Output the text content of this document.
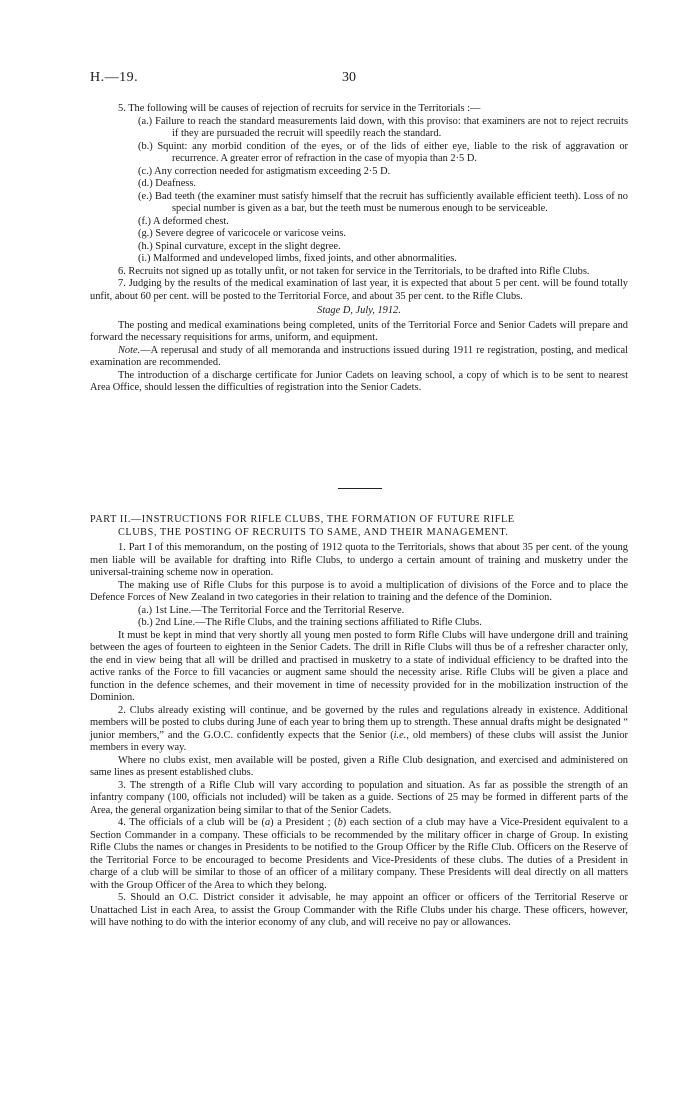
H.—19.	30

5. The following will be causes of rejection of recruits for service in the Territorials :—

(a.) Failure to reach the standard measurements laid down, with this proviso: that examiners are not to reject recruits if they are pursuaded the recruit will speedily reach the standard.

(b.) Squint: any morbid condition of the eyes, or of the lids of either eye, liable to the risk of aggravation or recurrence. A greater error of refraction in the case of myopia than 2·5 D.

(c.) Any correction needed for astigmatism exceeding 2·5 D.

(d.) Deafness.

(e.) Bad teeth (the examiner must satisfy himself that the recruit has sufficiently available efficient teeth). Loss of no special number is given as a bar, but the teeth must be numerous enough to be serviceable.

(f.) A deformed chest.

(g.) Severe degree of varicocele or varicose veins.

(h.) Spinal curvature, except in the slight degree.

(i.) Malformed and undeveloped limbs, fixed joints, and other abnormalities.

6. Recruits not signed up as totally unfit, or not taken for service in the Territorials, to be drafted into Rifle Clubs.

7. Judging by the results of the medical examination of last year, it is expected that about 5 per cent. will be found totally unfit, about 60 per cent. will be posted to the Territorial Force, and about 35 per cent. to the Rifle Clubs.

Stage D, July, 1912.

The posting and medical examinations being completed, units of the Territorial Force and Senior Cadets will prepare and forward the necessary requisitions for arms, uniform, and equipment.

Note.—A reperusal and study of all memoranda and instructions issued during 1911 re registration, posting, and medical examination are recommended.

The introduction of a discharge certificate for Junior Cadets on leaving school, a copy of which is to be sent to nearest Area Office, should lessen the difficulties of registration into the Senior Cadets.

PART II.—INSTRUCTIONS FOR RIFLE CLUBS, THE FORMATION OF FUTURE RIFLE
CLUBS, THE POSTING OF RECRUITS TO SAME, AND THEIR MANAGEMENT.

1. Part I of this memorandum, on the posting of 1912 quota to the Territorials, shows that about 35 per cent. of the young men liable will be available for drafting into Rifle Clubs, to undergo a certain amount of training and musketry under the universal-training scheme now in operation.

The making use of Rifle Clubs for this purpose is to avoid a multiplication of divisions of the Force and to place the Defence Forces of New Zealand in two categories in their relation to training and the defence of the Dominion.

(a.) 1st Line.—The Territorial Force and the Territorial Reserve.

(b.) 2nd Line.—The Rifle Clubs, and the training sections affiliated to Rifle Clubs.

It must be kept in mind that very shortly all young men posted to form Rifle Clubs will have undergone drill and training between the ages of fourteen to eighteen in the Senior Cadets. The drill in Rifle Clubs will thus be of a refresher character only, the end in view being that all will be drilled and practised in musketry to a state of individual efficiency to be drafted into the active ranks of the Force to fill vacancies or augment same should the necessity arise. Rifle Clubs will be given a place and function in the defence schemes, and their movement in time of necessity provided for in the mobilization instruction of the Dominion.

2. Clubs already existing will continue, and be governed by the rules and regulations already in existence. Additional members will be posted to clubs during June of each year to bring them up to strength. These annual drafts might be designated “ junior members,” and the G.O.C. confidently expects that the Senior (i.e., old members) of these clubs will assist the Junior members in every way.

Where no clubs exist, men available will be posted, given a Rifle Club designation, and exercised and administered on same lines as present established clubs.

3. The strength of a Rifle Club will vary according to population and situation. As far as possible the strength of an infantry company (100, officials not included) will be taken as a guide. Sections of 25 may be formed in different parts of the Area, the general organization being similar to that of the Senior Cadets.

4. The officials of a club will be (a) a President ; (b) each section of a club may have a Vice-President equivalent to a Section Commander in a company. These officials to be recommended by the military officer in charge of Group. In existing Rifle Clubs the names or changes in Presidents to be notified to the Group Officer by the Rifle Club. Officers on the Reserve of the Territorial Force to be encouraged to become Presidents and Vice-Presidents of these clubs. The duties of a President in charge of a club will be similar to those of an officer of a military company. These Presidents will deal directly on all matters with the Group Officer of the Area to which they belong.

5. Should an O.C. District consider it advisable, he may appoint an officer or officers of the Territorial Reserve or Unattached List in each Area, to assist the Group Commander with the Rifle Clubs under his charge. These officers, however, will have nothing to do with the interior economy of any club, and will receive no pay or allowances.
